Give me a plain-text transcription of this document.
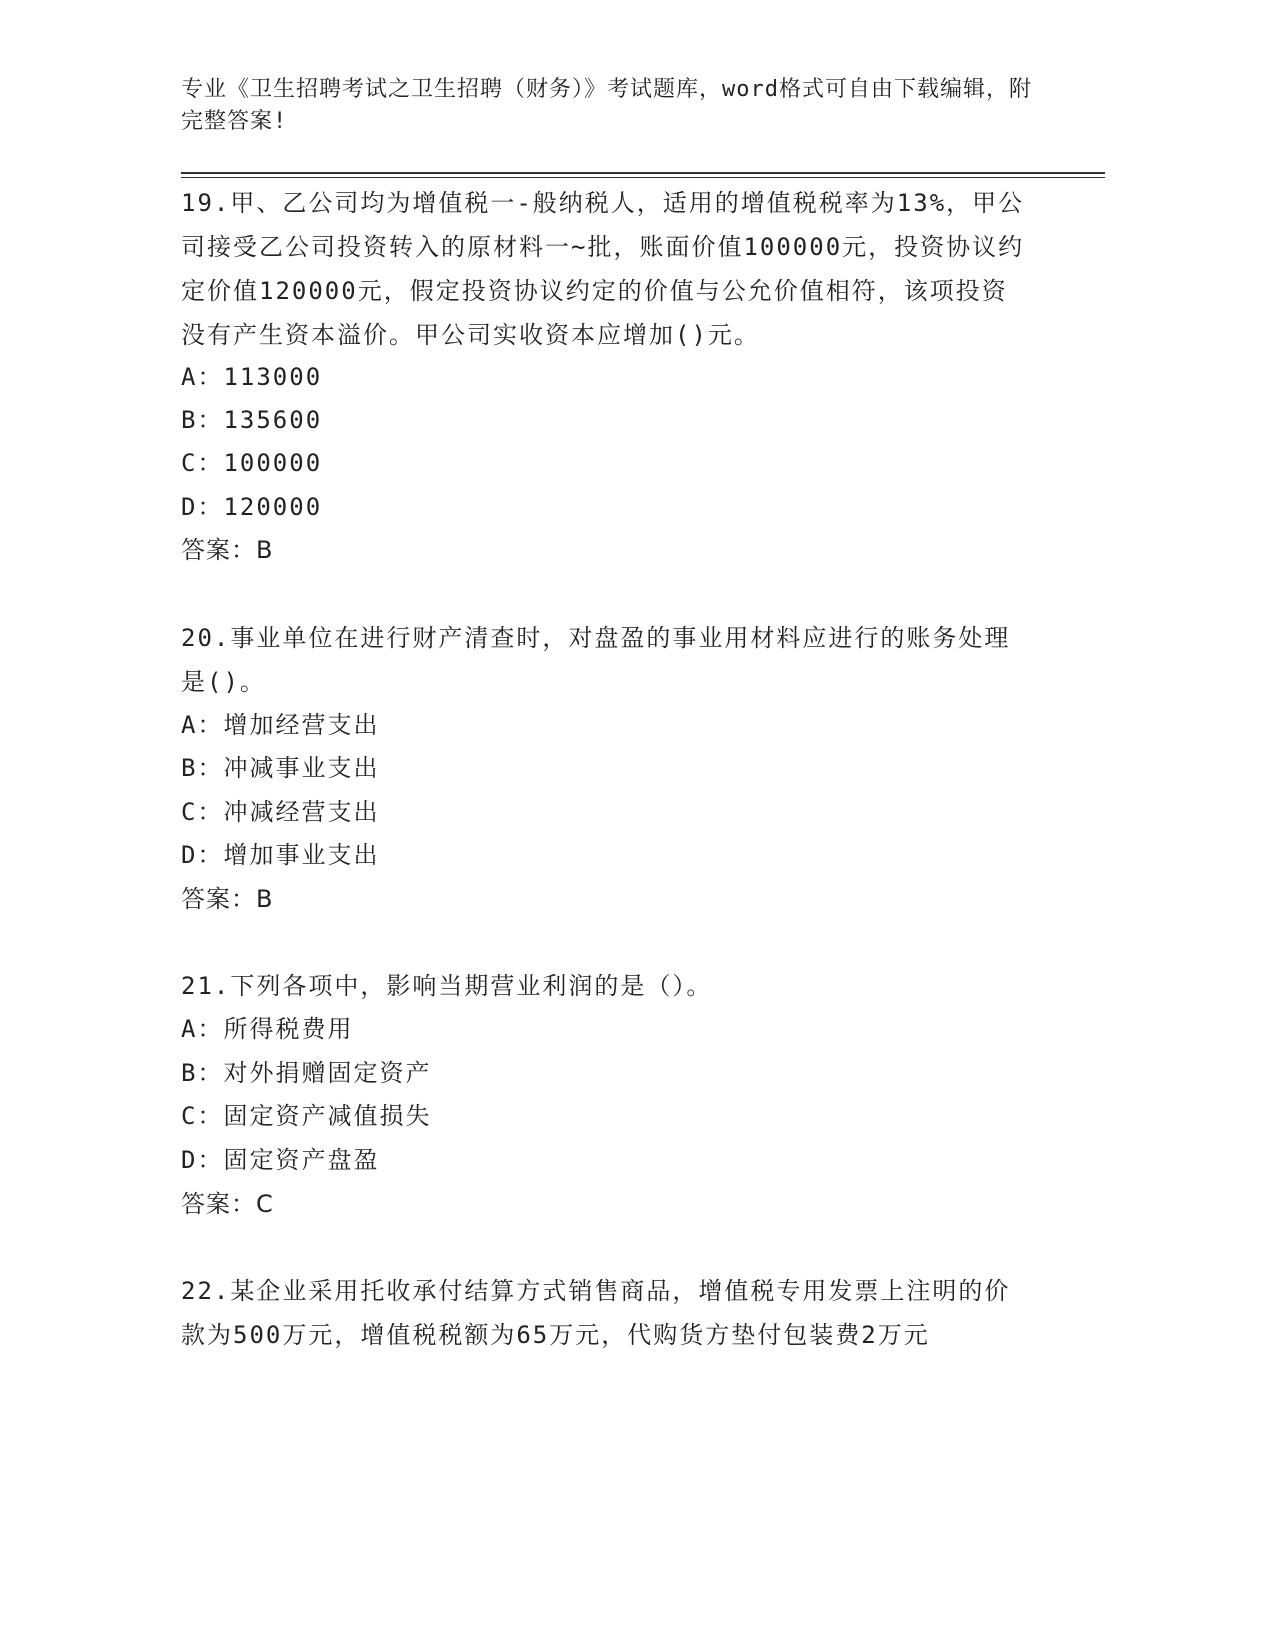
专业《卫生招聘考试之卫生招聘（财务）》考试题库，word格式可自由下载编辑，附完整答案!
19.甲、乙公司均为增值税一-般纳税人，适用的增值税税率为13%，甲公司接受乙公司投资转入的原材料一~批，账面价值100000元，投资协议约定价值120000元，假定投资协议约定的价值与公允价值相符，该项投资没有产生资本溢价。甲公司实收资本应增加()元。
A：113000
B：135600
C：100000
D：120000
答案：B
20.事业单位在进行财产清查时，对盘盈的事业用材料应进行的账务处理是()。
A：增加经营支出
B：冲减事业支出
C：冲减经营支出
D：增加事业支出
答案：B
21.下列各项中，影响当期营业利润的是（）。
A：所得税费用
B：对外捐赠固定资产
C：固定资产减值损失
D：固定资产盘盈
答案：C
22.某企业采用托收承付结算方式销售商品，增值税专用发票上注明的价款为500万元，增值税税额为65万元，代购货方垫付包装费2万元
